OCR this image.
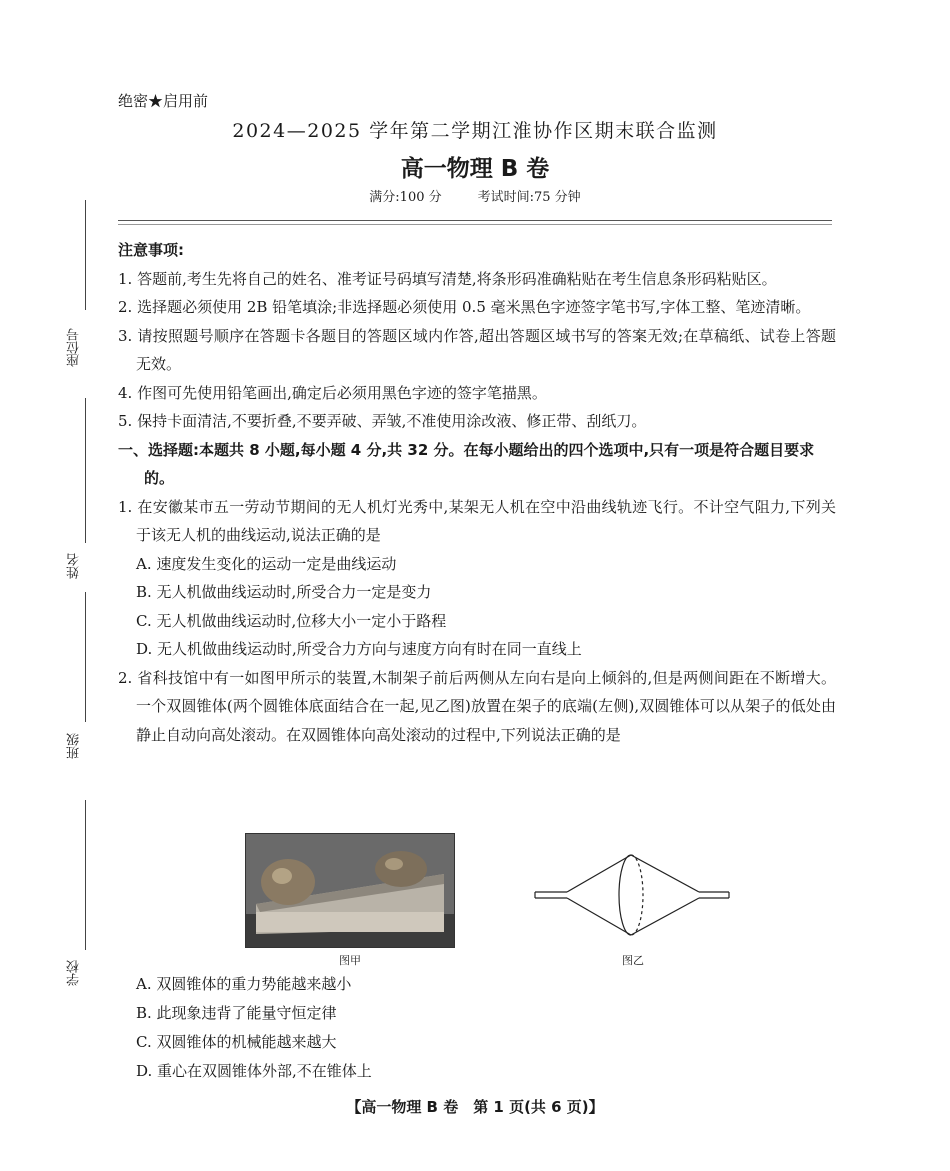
绝密★启用前
2024—2025 学年第二学期江淮协作区期末联合监测
高一物理 B 卷
满分:100 分	考试时间:75 分钟
座位号
姓名
班级
学校

注意事项:

1. 答题前,考生先将自己的姓名、准考证号码填写清楚,将条形码准确粘贴在考生信息条形码粘贴区。

2. 选择题必须使用 2B 铅笔填涂;非选择题必须使用 0.5 毫米黑色字迹签字笔书写,字体工整、笔迹清晰。

3. 请按照题号顺序在答题卡各题目的答题区域内作答,超出答题区域书写的答案无效;在草稿纸、试卷上答题无效。

4. 作图可先使用铅笔画出,确定后必须用黑色字迹的签字笔描黑。

5. 保持卡面清洁,不要折叠,不要弄破、弄皱,不准使用涂改液、修正带、刮纸刀。

一、选择题:本题共 8 小题,每小题 4 分,共 32 分。在每小题给出的四个选项中,只有一项是符合题目要求的。

1. 在安徽某市五一劳动节期间的无人机灯光秀中,某架无人机在空中沿曲线轨迹飞行。不计空气阻力,下列关于该无人机的曲线运动,说法正确的是

A. 速度发生变化的运动一定是曲线运动

B. 无人机做曲线运动时,所受合力一定是变力

C. 无人机做曲线运动时,位移大小一定小于路程

D. 无人机做曲线运动时,所受合力方向与速度方向有时在同一直线上

2. 省科技馆中有一如图甲所示的装置,木制架子前后两侧从左向右是向上倾斜的,但是两侧间距在不断增大。一个双圆锥体(两个圆锥体底面结合在一起,见乙图)放置在架子的底端(左侧),双圆锥体可以从架子的低处由静止自动向高处滚动。在双圆锥体向高处滚动的过程中,下列说法正确的是

图甲	图乙

A. 双圆锥体的重力势能越来越小

B. 此现象违背了能量守恒定律

C. 双圆锥体的机械能越来越大

D. 重心在双圆锥体外部,不在锥体上

【高一物理 B 卷　第 1 页(共 6 页)】
